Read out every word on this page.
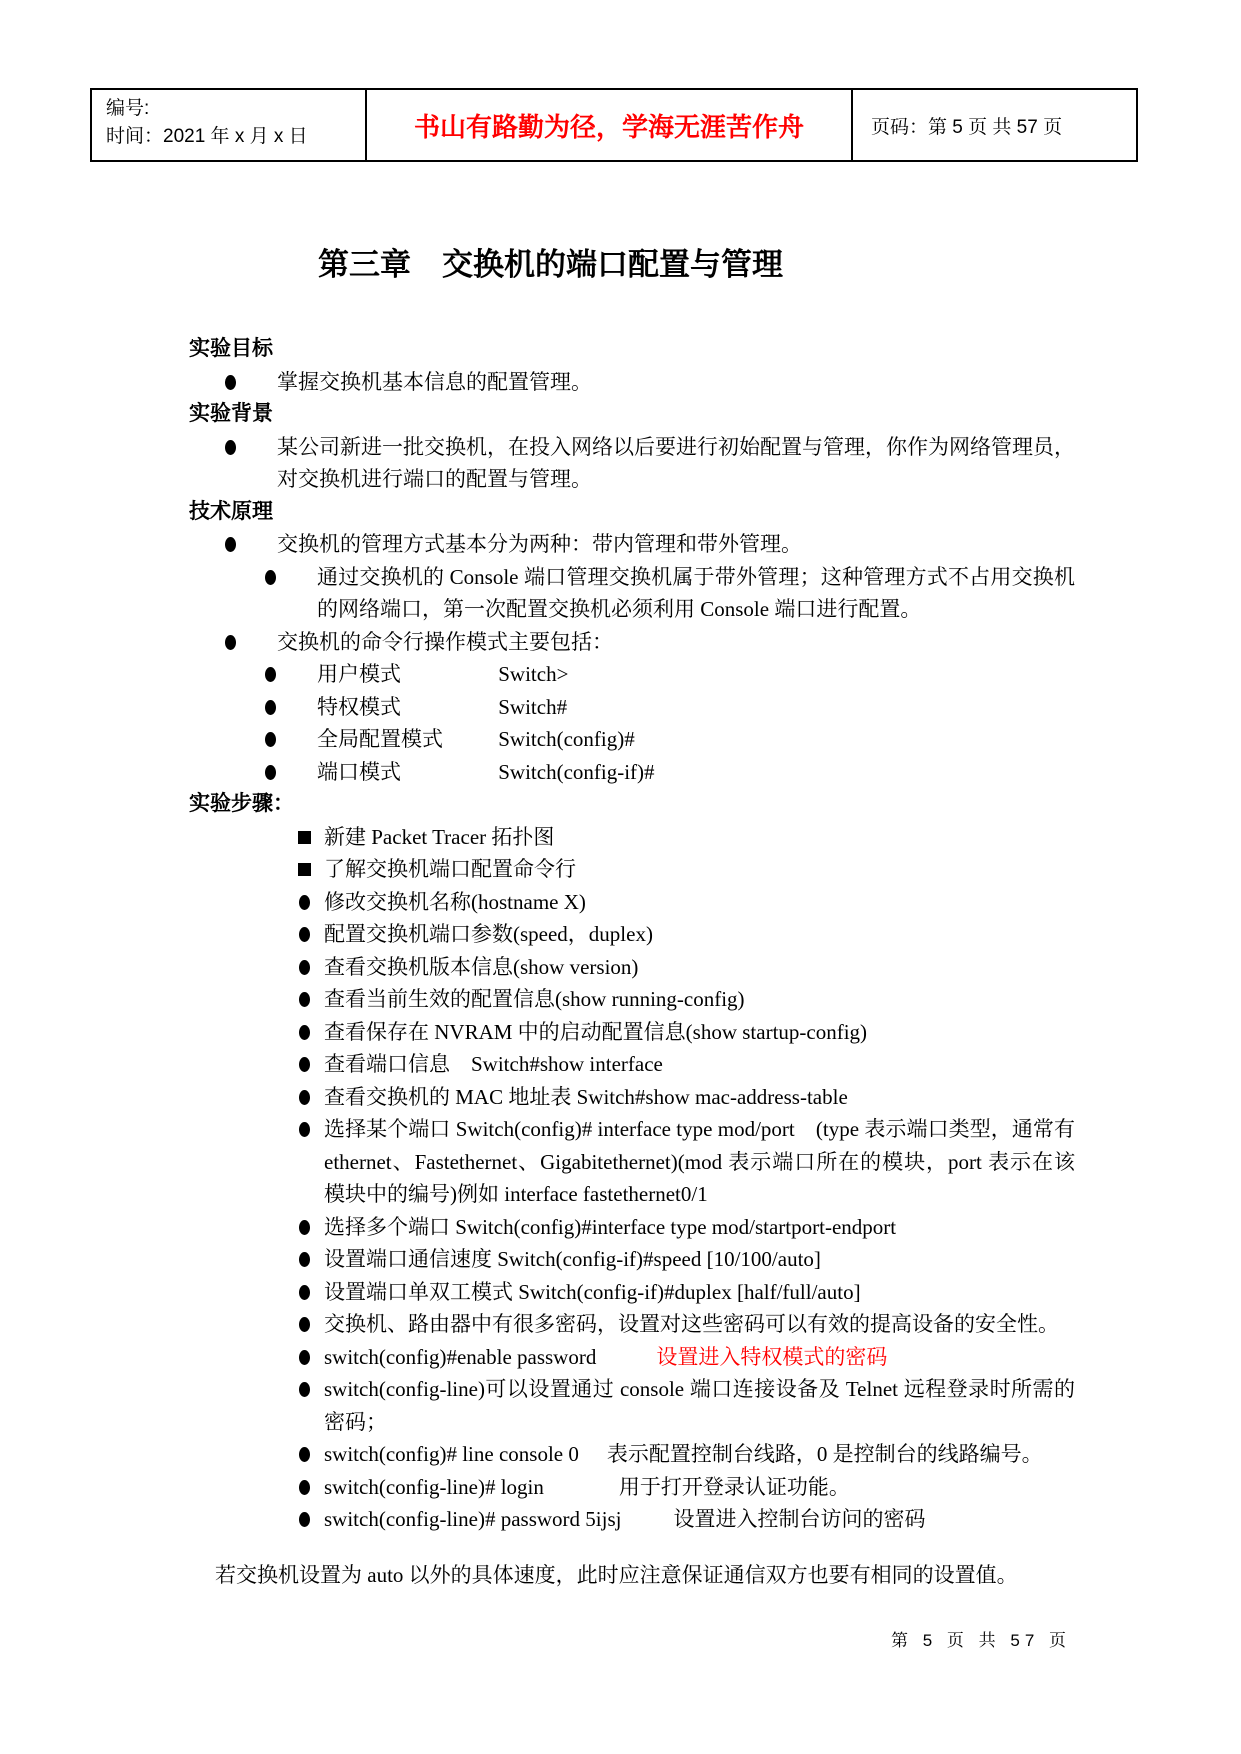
编号:
时间：2021 年 x 月 x 日	书山有路勤为径，学海无涯苦作舟	页码：第 5 页 共 57 页
第三章　交换机的端口配置与管理
实验目标
掌握交换机基本信息的配置管理。
实验背景
某公司新进一批交换机，在投入网络以后要进行初始配置与管理，你作为网络管理员，对交换机进行端口的配置与管理。
技术原理
交换机的管理方式基本分为两种：带内管理和带外管理。
通过交换机的 Console 端口管理交换机属于带外管理；这种管理方式不占用交换机的网络端口，第一次配置交换机必须利用 Console 端口进行配置。
交换机的命令行操作模式主要包括：
用户模式	Switch>
特权模式	Switch#
全局配置模式	Switch(config)#
端口模式	Switch(config-if)#
实验步骤：
新建 Packet Tracer 拓扑图
了解交换机端口配置命令行
修改交换机名称(hostname X)
配置交换机端口参数(speed，duplex)
查看交换机版本信息(show version)
查看当前生效的配置信息(show running-config)
查看保存在 NVRAM 中的启动配置信息(show startup-config)
查看端口信息　Switch#show interface
查看交换机的 MAC 地址表 Switch#show mac-address-table
选择某个端口 Switch(config)# interface type mod/port　(type 表示端口类型，通常有 ethernet、Fastethernet、Gigabitethernet)(mod 表示端口所在的模块，port 表示在该模块中的编号)例如 interface fastethernet0/1
选择多个端口 Switch(config)#interface type mod/startport-endport
设置端口通信速度 Switch(config-if)#speed [10/100/auto]
设置端口单双工模式 Switch(config-if)#duplex [half/full/auto]
交换机、路由器中有很多密码，设置对这些密码可以有效的提高设备的安全性。
switch(config)#enable password	设置进入特权模式的密码
switch(config-line)可以设置通过 console 端口连接设备及 Telnet 远程登录时所需的密码；
switch(config)# line console 0 表示配置控制台线路，0 是控制台的线路编号。
switch(config-line)# login	用于打开登录认证功能。
switch(config-line)# password 5ijsj 设置进入控制台访问的密码
若交换机设置为 auto 以外的具体速度，此时应注意保证通信双方也要有相同的设置值。
第 5 页 共 57 页
